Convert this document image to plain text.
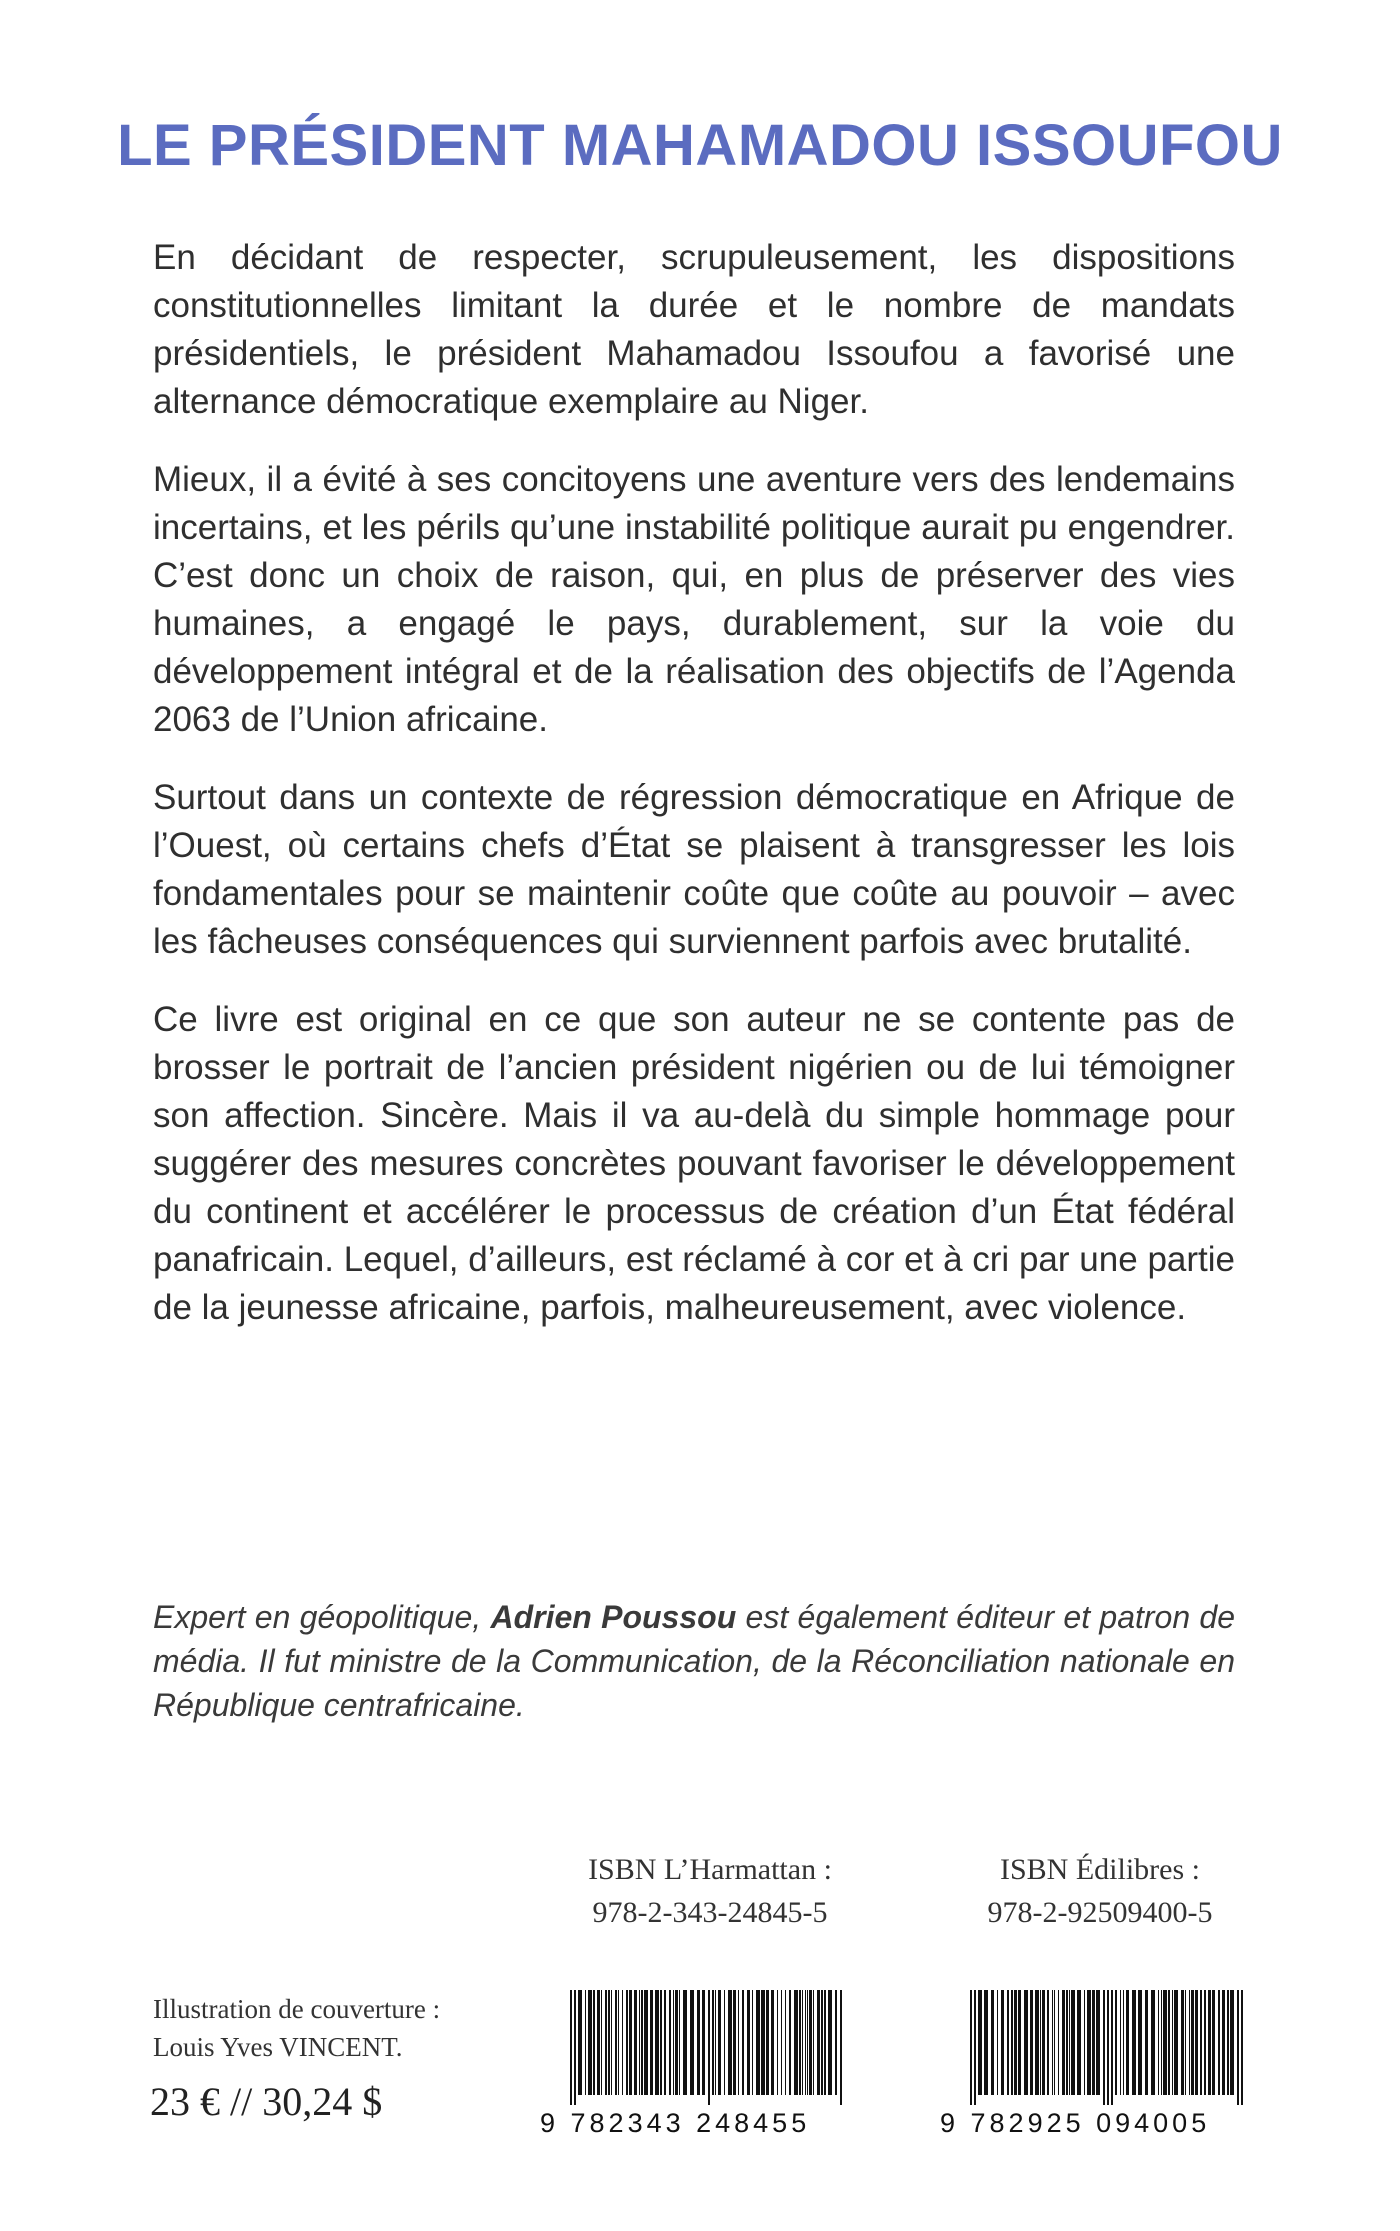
LE PRÉSIDENT MAHAMADOU ISSOUFOU

En décidant de respecter, scrupuleusement, les dispositions constitutionnelles limitant la durée et le nombre de mandats présidentiels, le président Mahamadou Issoufou a favorisé une alternance démocratique exemplaire au Niger.

Mieux, il a évité à ses concitoyens une aventure vers des lendemains incertains, et les périls qu’une instabilité politique aurait pu engendrer. C’est donc un choix de raison, qui, en plus de préserver des vies humaines, a engagé le pays, durablement, sur la voie du développement intégral et de la réalisation des objectifs de l’Agenda 2063 de l’Union africaine.

Surtout dans un contexte de régression démocratique en Afrique de l’Ouest, où certains chefs d’État se plaisent à transgresser les lois fondamentales pour se maintenir coûte que coûte au pouvoir – avec les fâcheuses conséquences qui surviennent parfois avec brutalité.

Ce livre est original en ce que son auteur ne se contente pas de brosser le portrait de l’ancien président nigérien ou de lui témoigner son affection. Sincère. Mais il va au-delà du simple hommage pour suggérer des mesures concrètes pouvant favoriser le développement du continent et accélérer le processus de création d’un État fédéral panafricain. Lequel, d’ailleurs, est réclamé à cor et à cri par une partie de la jeunesse africaine, parfois, malheureusement, avec violence.

Expert en géopolitique, Adrien Poussou est également éditeur et patron de média. Il fut ministre de la Communication, de la Réconciliation nationale en République centrafricaine.

ISBN L’Harmattan :
978-2-343-24845-5
ISBN Édilibres :
978-2-92509400-5
Illustration de couverture :
Louis Yves VINCENT.
23 € // 30,24 $	9 782343 248455	9 782925 094005
